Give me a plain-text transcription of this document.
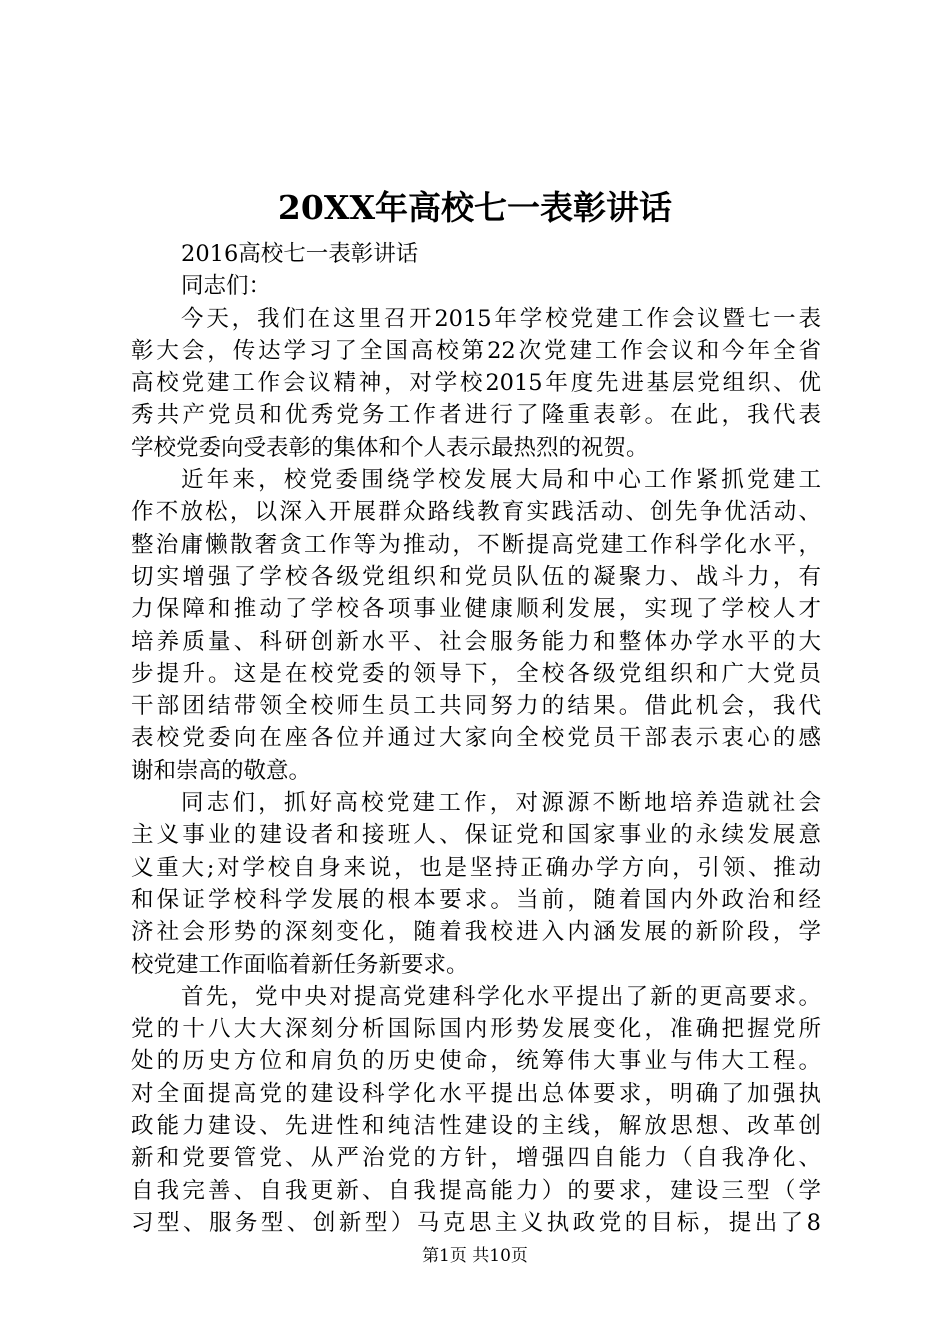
20XX年高校七一表彰讲话
2016高校七一表彰讲话
同志们：
今天，我们在这里召开2015年学校党建工作会议暨七一表
彰大会，传达学习了全国高校第22次党建工作会议和今年全省
高校党建工作会议精神，对学校2015年度先进基层党组织、优
秀共产党员和优秀党务工作者进行了隆重表彰。在此，我代表
学校党委向受表彰的集体和个人表示最热烈的祝贺。
近年来，校党委围绕学校发展大局和中心工作紧抓党建工
作不放松，以深入开展群众路线教育实践活动、创先争优活动、
整治庸懒散奢贪工作等为推动，不断提高党建工作科学化水平，
切实增强了学校各级党组织和党员队伍的凝聚力、战斗力，有
力保障和推动了学校各项事业健康顺利发展，实现了学校人才
培养质量、科研创新水平、社会服务能力和整体办学水平的大
步提升。这是在校党委的领导下，全校各级党组织和广大党员
干部团结带领全校师生员工共同努力的结果。借此机会，我代
表校党委向在座各位并通过大家向全校党员干部表示衷心的感
谢和崇高的敬意。
同志们，抓好高校党建工作，对源源不断地培养造就社会
主义事业的建设者和接班人、保证党和国家事业的永续发展意
义重大;对学校自身来说，也是坚持正确办学方向，引领、推动
和保证学校科学发展的根本要求。当前，随着国内外政治和经
济社会形势的深刻变化，随着我校进入内涵发展的新阶段，学
校党建工作面临着新任务新要求。
首先，党中央对提高党建科学化水平提出了新的更高要求。
党的十八大大深刻分析国际国内形势发展变化，准确把握党所
处的历史方位和肩负的历史使命，统筹伟大事业与伟大工程。
对全面提高党的建设科学化水平提出总体要求，明确了加强执
政能力建设、先进性和纯洁性建设的主线，解放思想、改革创
新和党要管党、从严治党的方针，增强四自能力（自我净化、
自我完善、自我更新、自我提高能力）的要求，建设三型（学
习型、服务型、创新型）马克思主义执政党的目标，提出了8
第1页 共10页
